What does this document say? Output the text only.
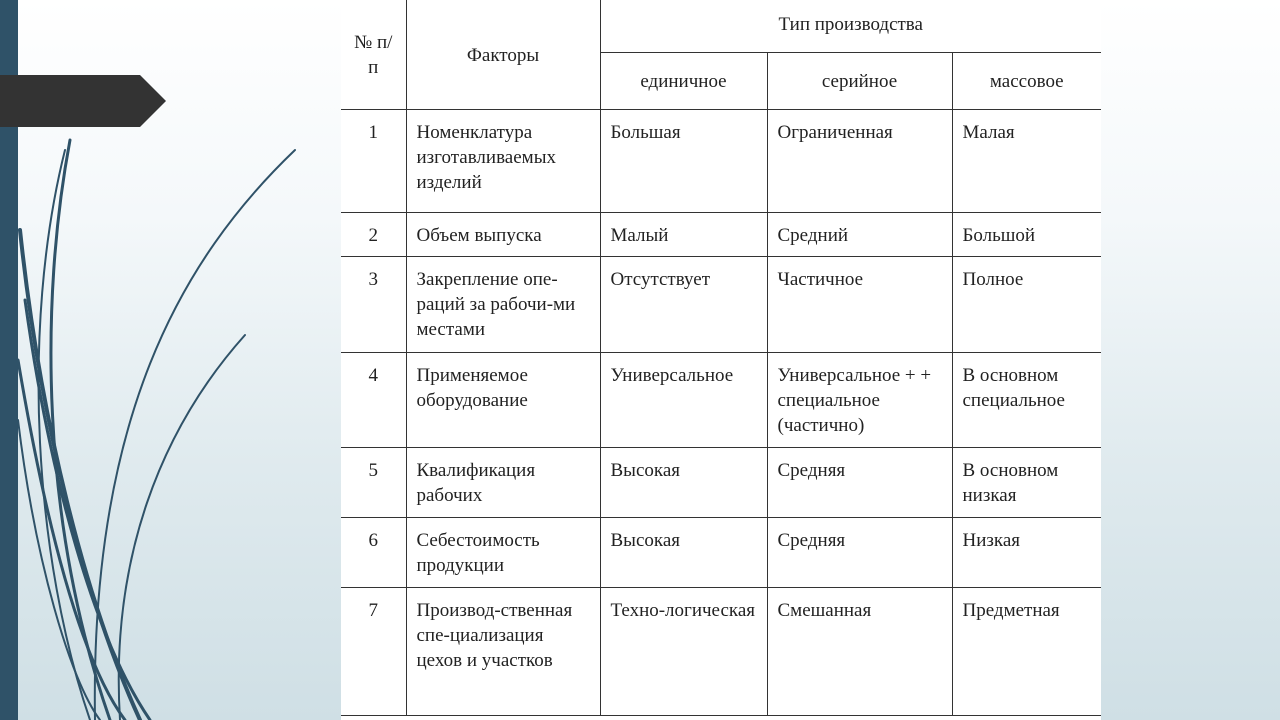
№ п/п	Факторы	Тип производства		
		единичное	серийное	массовое
1	Номенклатура изготавливаемых изделий	Большая	Ограниченная	Малая
2	Объем выпуска	Малый	Средний	Большой
3	Закрепление опе-раций за рабочи-ми местами	Отсутствует	Частичное	Полное
4	Применяемое оборудование	Универсальное	Универсальное + + специальное (частично)	В основном специальное
5	Квалификация рабочих	Высокая	Средняя	В основном низкая
6	Себестоимость продукции	Высокая	Средняя	Низкая
7	Производ-ственная спе-циализация цехов и участков	Техно-логическая	Смешанная	Предметная
